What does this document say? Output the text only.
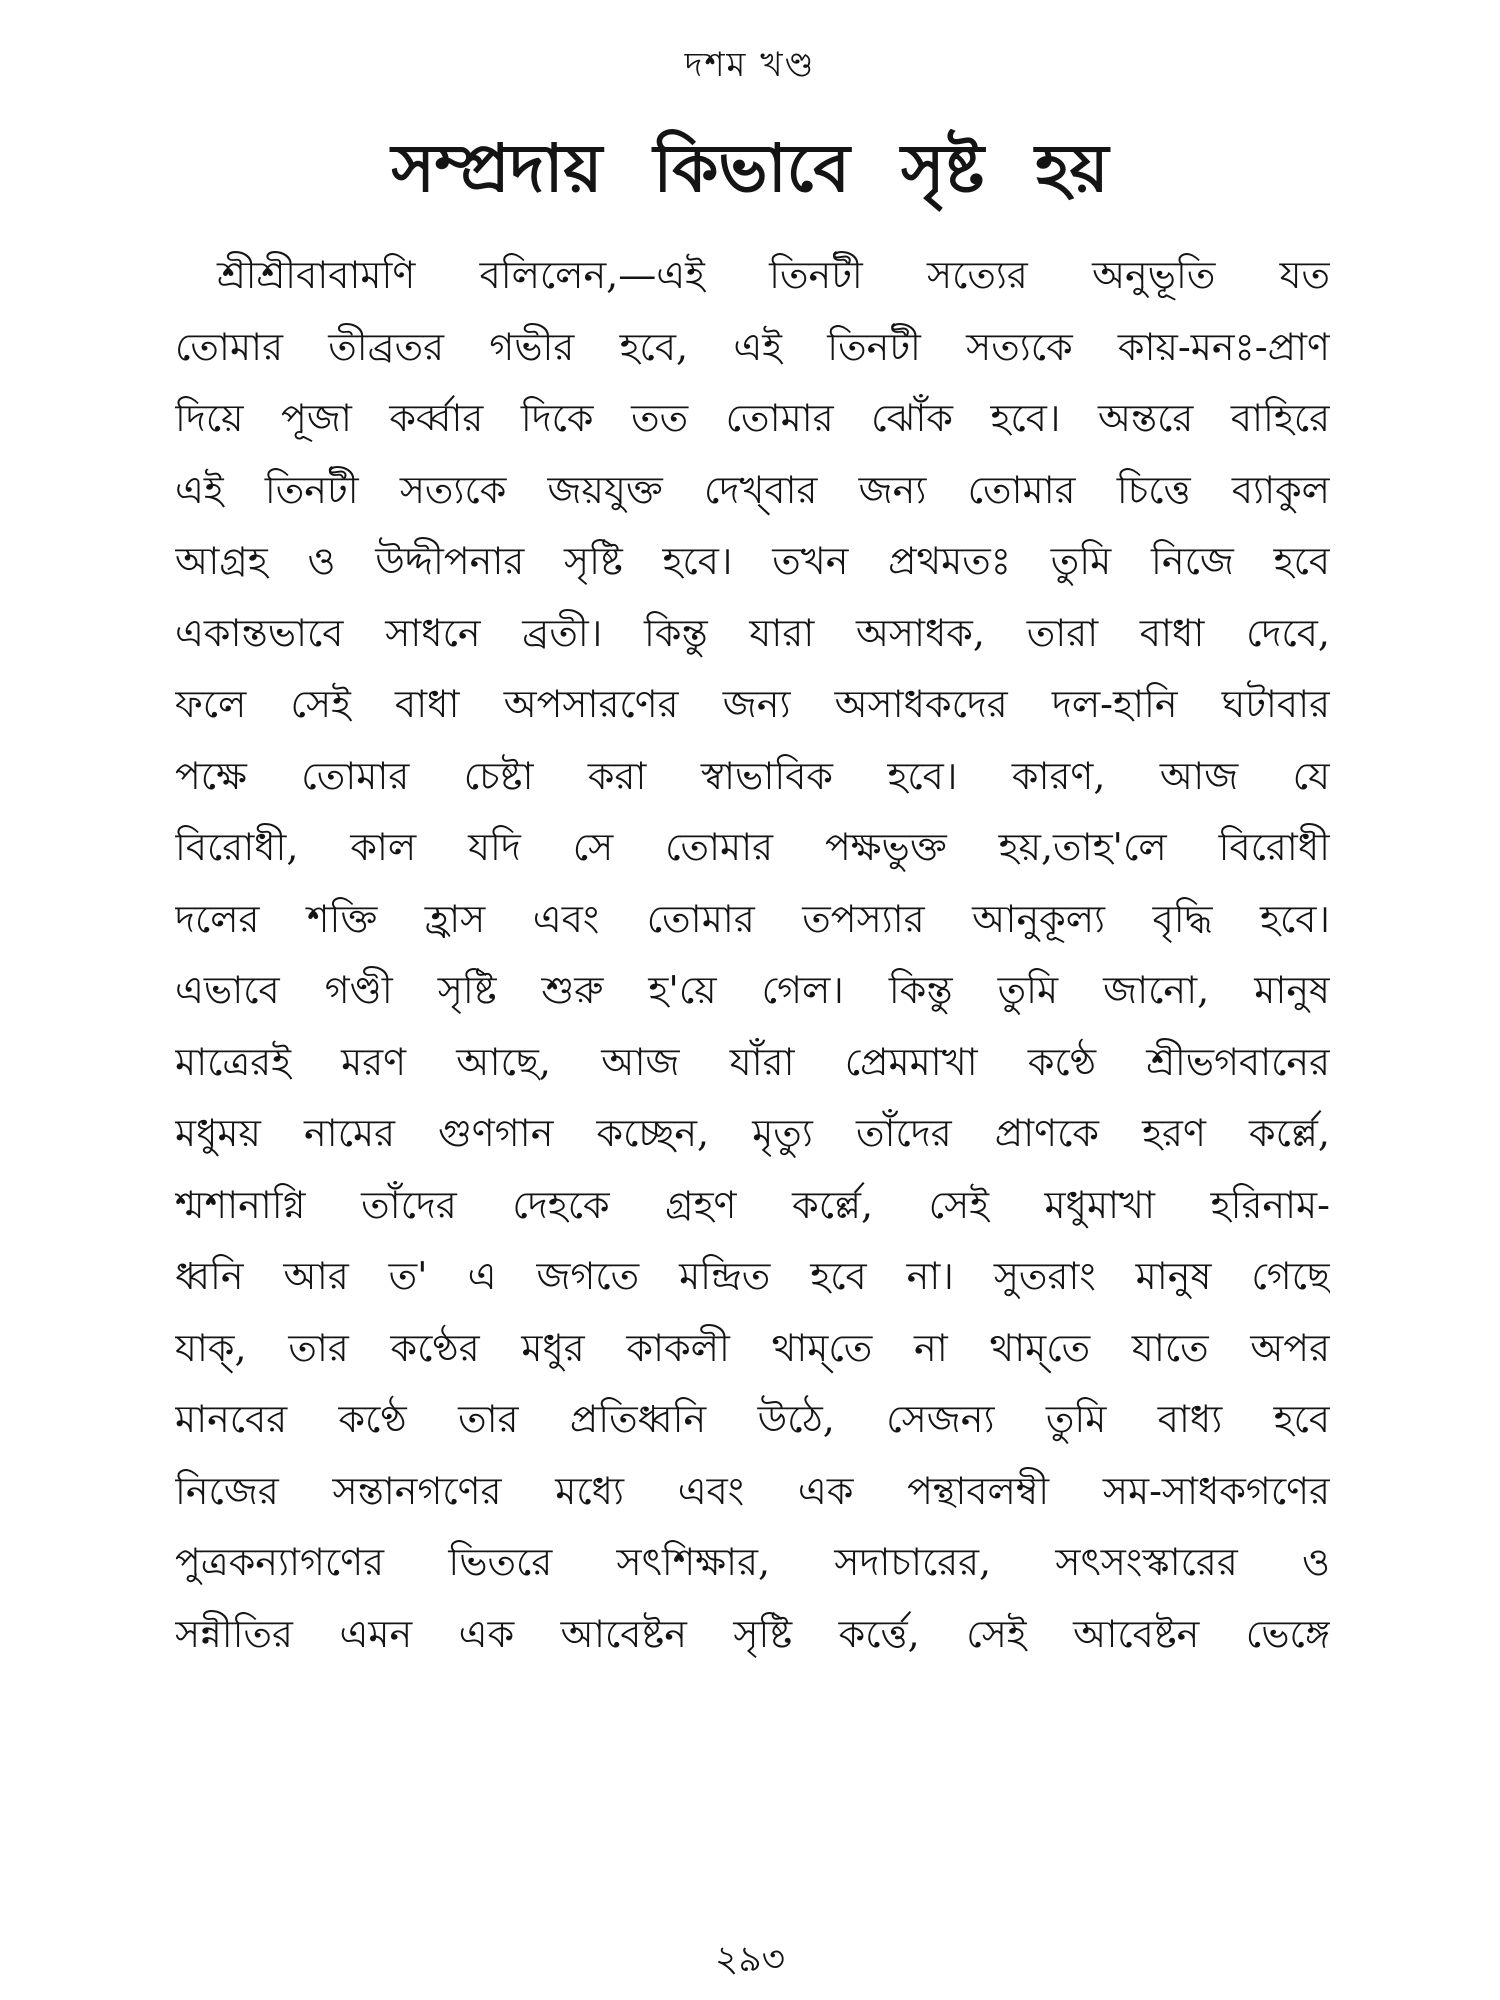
দশম খণ্ড
সম্প্রদায় কিভাবে সৃষ্ট হয়
শ্রীশ্রীবাবামণি বলিলেন,—এই তিনটী সত্যের অনুভূতি যত
তোমার তীব্রতর গভীর হবে, এই তিনটী সত্যকে কায়-মনঃ-প্রাণ
দিয়ে পূজা কর্ব্বার দিকে তত তোমার ঝোঁক হবে। অন্তরে বাহিরে
এই তিনটী সত্যকে জয়যুক্ত দেখ্‌বার জন্য তোমার চিত্তে ব্যাকুল
আগ্রহ ও উদ্দীপনার সৃষ্টি হবে। তখন প্রথমতঃ তুমি নিজে হবে
একান্তভাবে সাধনে ব্রতী। কিন্তু যারা অসাধক, তারা বাধা দেবে,
ফলে সেই বাধা অপসারণের জন্য অসাধকদের দল-হানি ঘটাবার
পক্ষে তোমার চেষ্টা করা স্বাভাবিক হবে। কারণ, আজ যে
বিরোধী, কাল যদি সে তোমার পক্ষভুক্ত হয়,তাহ'লে বিরোধী
দলের শক্তি হ্রাস এবং তোমার তপস্যার আনুকূল্য বৃদ্ধি হবে।
এভাবে গণ্ডী সৃষ্টি শুরু হ'য়ে গেল। কিন্তু তুমি জানো, মানুষ
মাত্রেরই মরণ আছে, আজ যাঁরা প্রেমমাখা কণ্ঠে শ্রীভগবানের
মধুময় নামের গুণগান কচ্ছেন, মৃত্যু তাঁদের প্রাণকে হরণ কর্ল্লে,
শ্মশানাগ্নি তাঁদের দেহকে গ্রহণ কর্ল্লে, সেই মধুমাখা হরিনাম-
ধ্বনি আর ত' এ জগতে মন্দ্রিত হবে না। সুতরাং মানুষ গেছে
যাক্, তার কণ্ঠের মধুর কাকলী থাম্‌তে না থাম্‌তে যাতে অপর
মানবের কণ্ঠে তার প্রতিধ্বনি উঠে, সেজন্য তুমি বাধ্য হবে
নিজের সন্তানগণের মধ্যে এবং এক পন্থাবলম্বী সম-সাধকগণের
পুত্রকন্যাগণের ভিতরে সৎশিক্ষার, সদাচারের, সৎসংস্কারের ও
সন্নীতির এমন এক আবেষ্টন সৃষ্টি কর্ত্তে, সেই আবেষ্টন ভেঙ্গে
২৯৩
